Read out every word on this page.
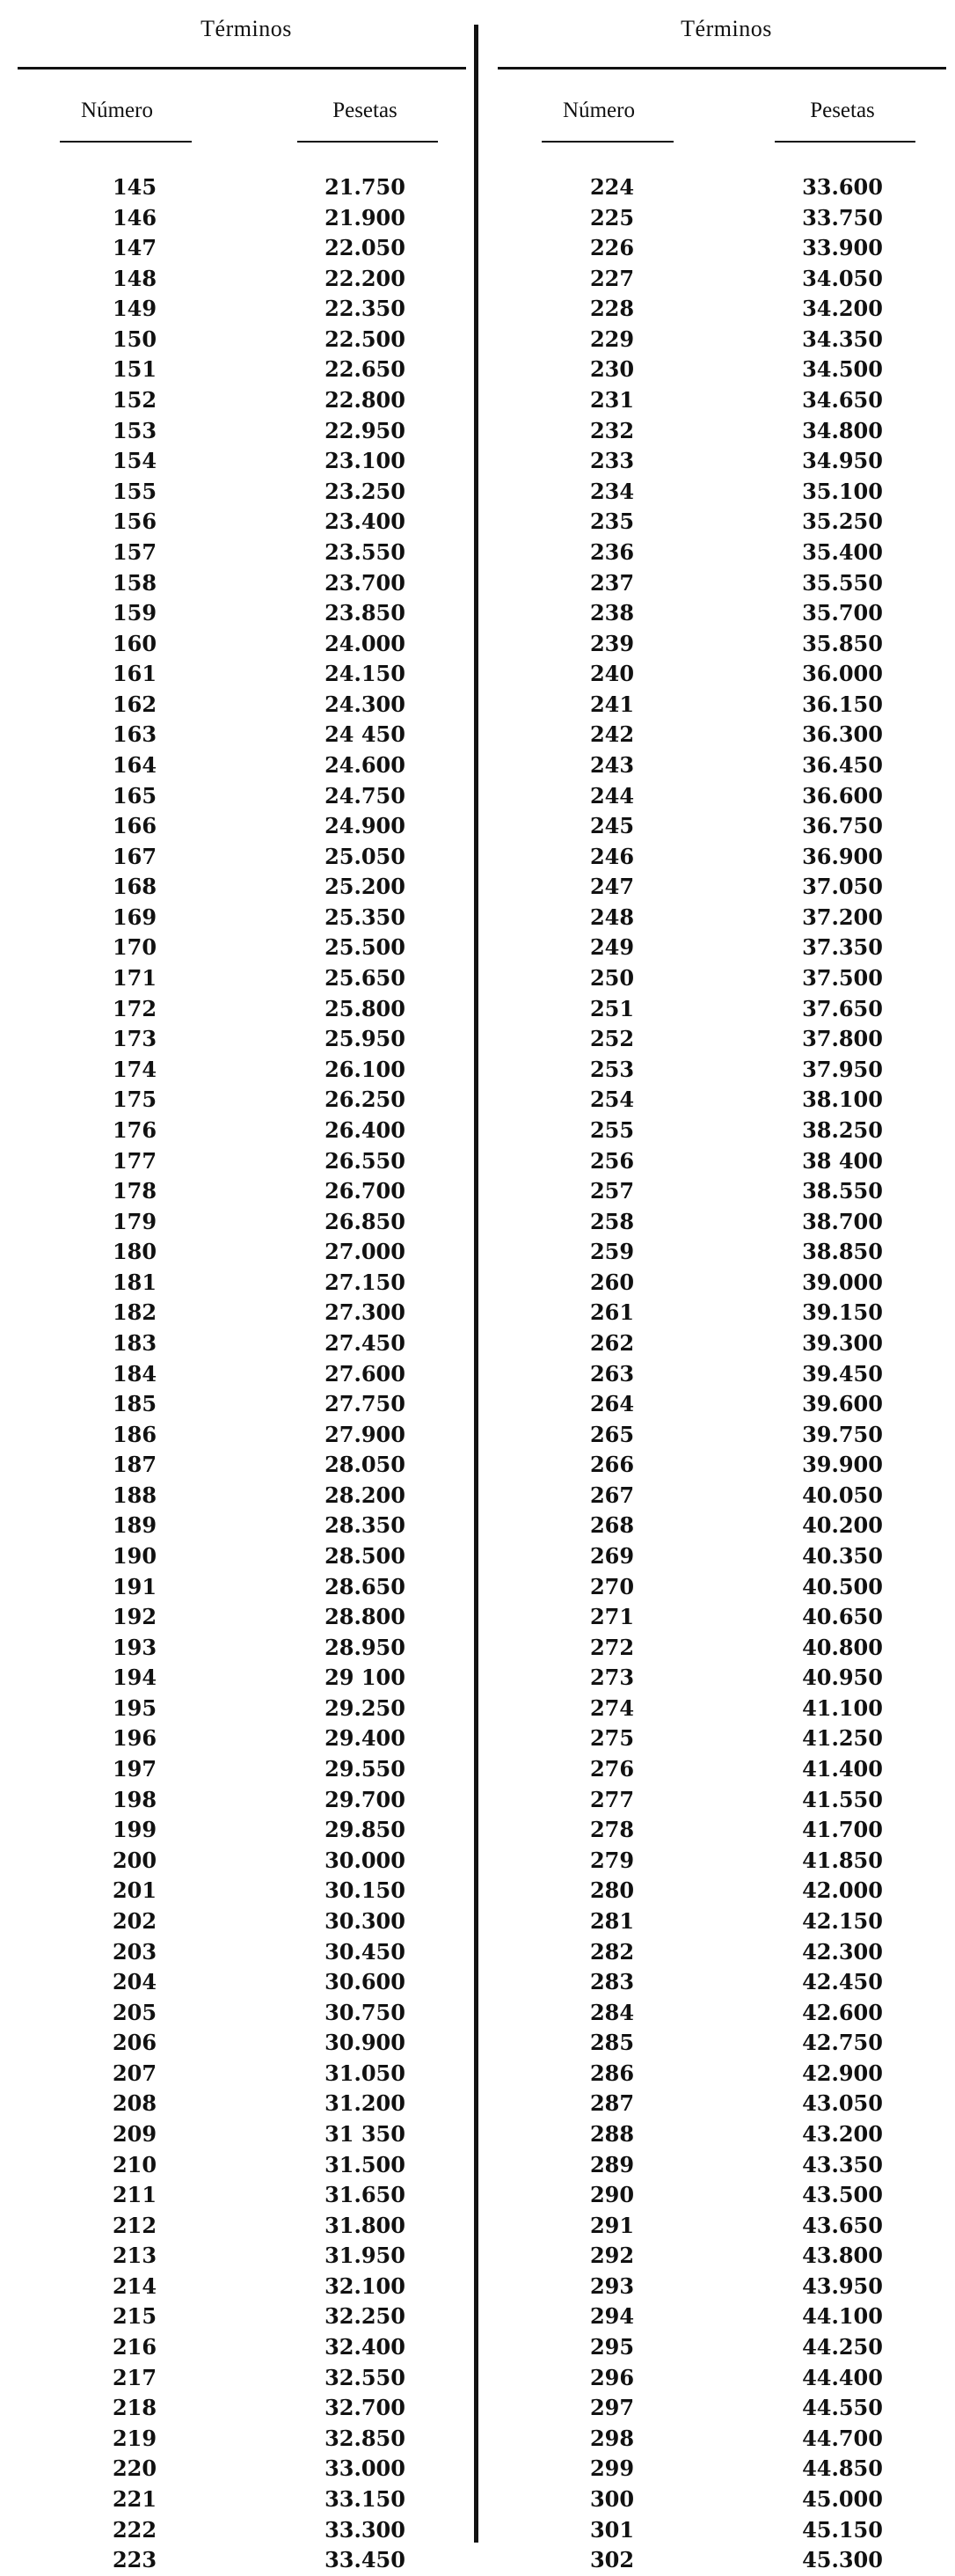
Términos
Número	Pesetas
145	21.750
146	21.900
147	22.050
148	22.200
149	22.350
150	22.500
151	22.650
152	22.800
153	22.950
154	23.100
155	23.250
156	23.400
157	23.550
158	23.700
159	23.850
160	24.000
161	24.150
162	24.300
163	24 450
164	24.600
165	24.750
166	24.900
167	25.050
168	25.200
169	25.350
170	25.500
171	25.650
172	25.800
173	25.950
174	26.100
175	26.250
176	26.400
177	26.550
178	26.700
179	26.850
180	27.000
181	27.150
182	27.300
183	27.450
184	27.600
185	27.750
186	27.900
187	28.050
188	28.200
189	28.350
190	28.500
191	28.650
192	28.800
193	28.950
194	29 100
195	29.250
196	29.400
197	29.550
198	29.700
199	29.850
200	30.000
201	30.150
202	30.300
203	30.450
204	30.600
205	30.750
206	30.900
207	31.050
208	31.200
209	31 350
210	31.500
211	31.650
212	31.800
213	31.950
214	32.100
215	32.250
216	32.400
217	32.550
218	32.700
219	32.850
220	33.000
221	33.150
222	33.300
223	33.450
Términos
Número	Pesetas
224	33.600
225	33.750
226	33.900
227	34.050
228	34.200
229	34.350
230	34.500
231	34.650
232	34.800
233	34.950
234	35.100
235	35.250
236	35.400
237	35.550
238	35.700
239	35.850
240	36.000
241	36.150
242	36.300
243	36.450
244	36.600
245	36.750
246	36.900
247	37.050
248	37.200
249	37.350
250	37.500
251	37.650
252	37.800
253	37.950
254	38.100
255	38.250
256	38 400
257	38.550
258	38.700
259	38.850
260	39.000
261	39.150
262	39.300
263	39.450
264	39.600
265	39.750
266	39.900
267	40.050
268	40.200
269	40.350
270	40.500
271	40.650
272	40.800
273	40.950
274	41.100
275	41.250
276	41.400
277	41.550
278	41.700
279	41.850
280	42.000
281	42.150
282	42.300
283	42.450
284	42.600
285	42.750
286	42.900
287	43.050
288	43.200
289	43.350
290	43.500
291	43.650
292	43.800
293	43.950
294	44.100
295	44.250
296	44.400
297	44.550
298	44.700
299	44.850
300	45.000
301	45.150
302	45.300
